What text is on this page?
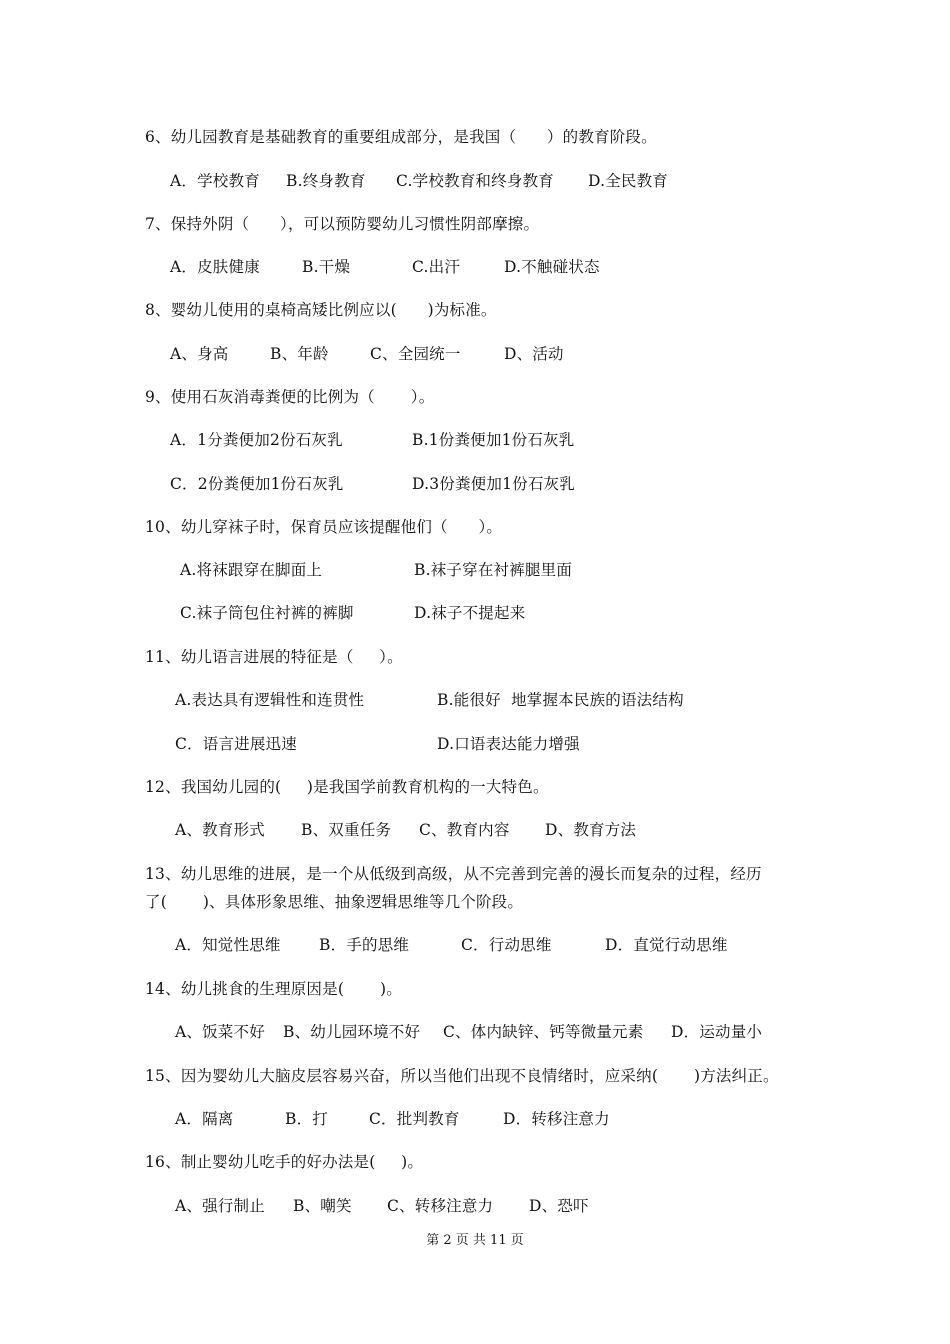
6、幼儿园教育是基础教育的重要组成部分，是我国（      ）的教育阶段。
A．学校教育	B.终身教育	C.学校教育和终身教育	D.全民教育
7、保持外阴（      ），可以预防婴幼儿习惯性阴部摩擦。
A．皮肤健康	B.干燥	C.出汗	D.不触碰状态
8、婴幼儿使用的桌椅高矮比例应以(      )为标准。
A、身高	B、年龄	C、全园统一	D、活动
9、使用石灰消毒粪便的比例为（       ）。
A．1分粪便加2份石灰乳	B.1份粪便加1份石灰乳
C．2份粪便加1份石灰乳	D.3份粪便加1份石灰乳
10、幼儿穿袜子时，保育员应该提醒他们（      ）。
A.将袜跟穿在脚面上	B.袜子穿在衬裤腿里面
C.袜子筒包住衬裤的裤脚	D.袜子不提起来
11、幼儿语言进展的特征是（     ）。
A.表达具有逻辑性和连贯性	B.能很好  地掌握本民族的语法结构
C．语言进展迅速	D.口语表达能力增强
12、我国幼儿园的(     )是我国学前教育机构的一大特色。
A、教育形式	B、双重任务	C、教育内容	D、教育方法
13、幼儿思维的进展，是一个从低级到高级，从不完善到完善的漫长而复杂的过程，经历
了(       )、具体形象思维、抽象逻辑思维等几个阶段。
A．知觉性思维	B．手的思维	C．行动思维	D．直觉行动思维
14、幼儿挑食的生理原因是(       )。
A、饭菜不好	B、幼儿园环境不好	C、体内缺锌、钙等微量元素	D．运动量小
15、因为婴幼儿大脑皮层容易兴奋，所以当他们出现不良情绪时，应采纳(       )方法纠正。
A．隔离	B．打	C．批判教育	D．转移注意力
16、制止婴幼儿吃手的好办法是(     )。
A、强行制止	B、嘲笑	C、转移注意力	D、恐吓
第 2 页 共 11 页
